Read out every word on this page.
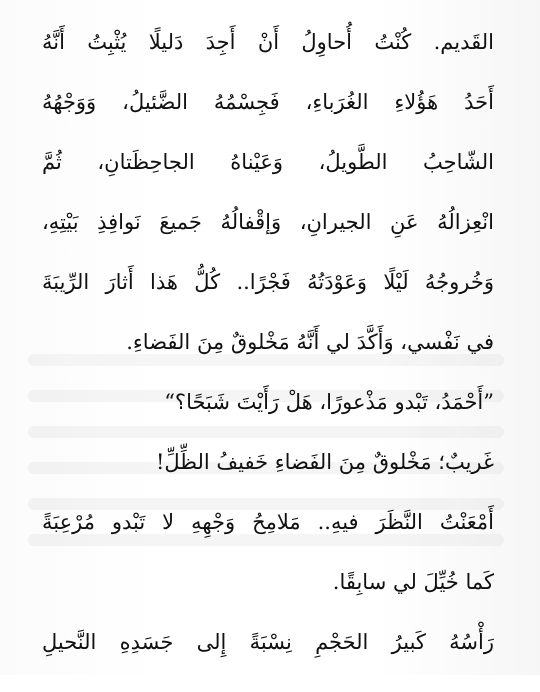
القَديم. كُنْتُ أُحاوِلُ أَنْ أَجِدَ دَليلًا يُثْبِتُ أَنَّهُ
أَحَدُ هَؤُلاءِ الغُرَباءِ، فَجِسْمُهُ الضَّئيلُ، وَوَجْهُهُ
الشّاحِبُ الطَّويلُ، وَعَيْناهُ الجاحِظَتانِ، ثُمَّ
انْعِزالُهُ عَنِ الجيرانِ، وَإقْفالُهُ جَميعَ نَوافِذِ بَيْتِهِ،
وَخُروجُهُ لَيْلًا وَعَوْدَتُهُ فَجْرًا.. كُلُّ هَذا أَثارَ الرِّيبَةَ
في نَفْسي، وَأَكَّدَ لي أَنَّهُ مَخْلوقٌ مِنَ الفَضاءِ.
”أَحْمَدُ، تَبْدو مَذْعورًا، هَلْ رَأَيْتَ شَبَحًا؟“
غَريبٌ؛ مَخْلوقٌ مِنَ الفَضاءِ خَفيفُ الظِّلِّ!
أَمْعَنْتُ النَّظَرَ فيهِ.. مَلامِحُ وَجْهِهِ لا تَبْدو مُرْعِبَةً
كَما خُيِّلَ لي سابِقًا.
رَأْسُهُ كَبيرُ الحَجْمِ نِسْبَةً إِلى جَسَدِهِ النَّحيلِ
